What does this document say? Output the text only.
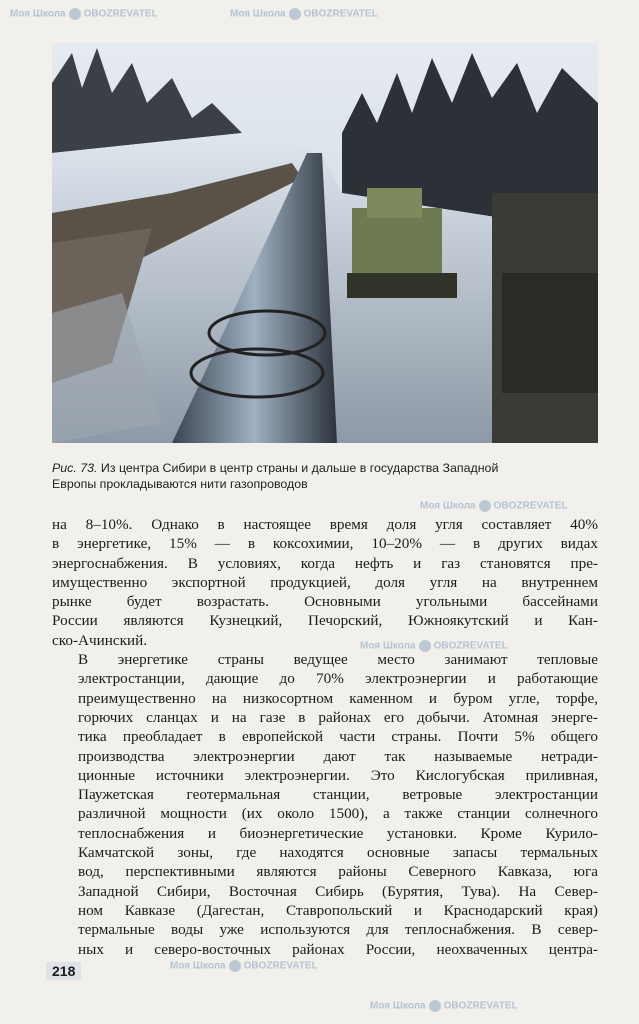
Рис. 73. Из центра Сибири в центр страны и дальше в государства Западной
Европы прокладываются нити газопроводов

на 8–10%. Однако в настоящее время доля угля составляет 40%
в энергетике, 15% — в коксохимии, 10–20% — в других видах
энергоснабжения. В условиях, когда нефть и газ становятся пре-
имущественно экспортной продукцией, доля угля на внутреннем
рынке будет возрастать. Основными угольными бассейнами
России являются Кузнецкий, Печорский, Южноякутский и Кан-
ско-Ачинский.

В энергетике страны ведущее место занимают тепловые
электростанции, дающие до 70% электроэнергии и работающие
преимущественно на низкосортном каменном и буром угле, торфе,
горючих сланцах и на газе в районах его добычи. Атомная энерге-
тика преобладает в европейской части страны. Почти 5% общего
производства электроэнергии дают так называемые нетради-
ционные источники электроэнергии. Это Кислогубская приливная,
Паужетская геотермальная станции, ветровые электростанции
различной мощности (их около 1500), а также станции солнечного
теплоснабжения и биоэнергетические установки. Кроме Курило-
Камчатской зоны, где находятся основные запасы термальных
вод, перспективными являются районы Северного Кавказа, юга
Западной Сибири, Восточная Сибирь (Бурятия, Тува). На Север-
ном Кавказе (Дагестан, Ставропольский и Краснодарский края)
термальные воды уже используются для теплоснабжения. В север-
ных и северо-восточных районах России, неохваченных центра-

218
Моя Школа OBOZREVATEL	Моя Школа OBOZREVATEL
Моя Школа OBOZREVATEL
Моя Школа OBOZREVATEL
Моя Школа OBOZREVATEL
Моя Школа OBOZREVATEL
